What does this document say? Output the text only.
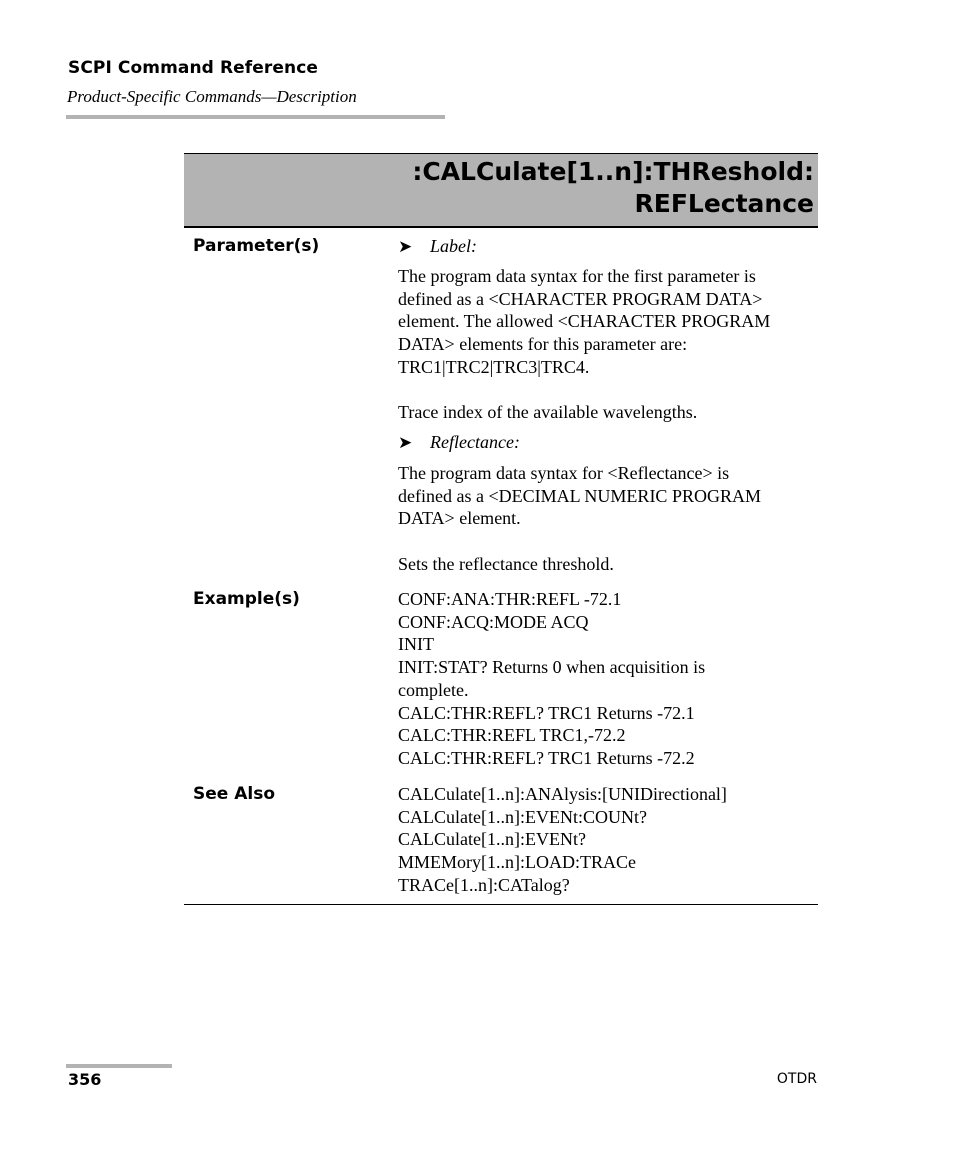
SCPI Command Reference
Product-Specific Commands—Description
:CALCulate[1..n]:THReshold:
REFLectance
Parameter(s)	➤ Label:
The program data syntax for the first parameter is
defined as a <CHARACTER PROGRAM DATA>
element. The allowed <CHARACTER PROGRAM
DATA> elements for this parameter are:
TRC1|TRC2|TRC3|TRC4.
Trace index of the available wavelengths.
➤ Reflectance:
The program data syntax for <Reflectance> is
defined as a <DECIMAL NUMERIC PROGRAM
DATA> element.
Sets the reflectance threshold.
Example(s)	CONF:ANA:THR:REFL -72.1
CONF:ACQ:MODE ACQ
INIT
INIT:STAT? Returns 0 when acquisition is
complete.
CALC:THR:REFL? TRC1 Returns -72.1
CALC:THR:REFL TRC1,-72.2
CALC:THR:REFL? TRC1 Returns -72.2
See Also	CALCulate[1..n]:ANAlysis:[UNIDirectional]
CALCulate[1..n]:EVENt:COUNt?
CALCulate[1..n]:EVENt?
MMEMory[1..n]:LOAD:TRACe
TRACe[1..n]:CATalog?
356	OTDR
